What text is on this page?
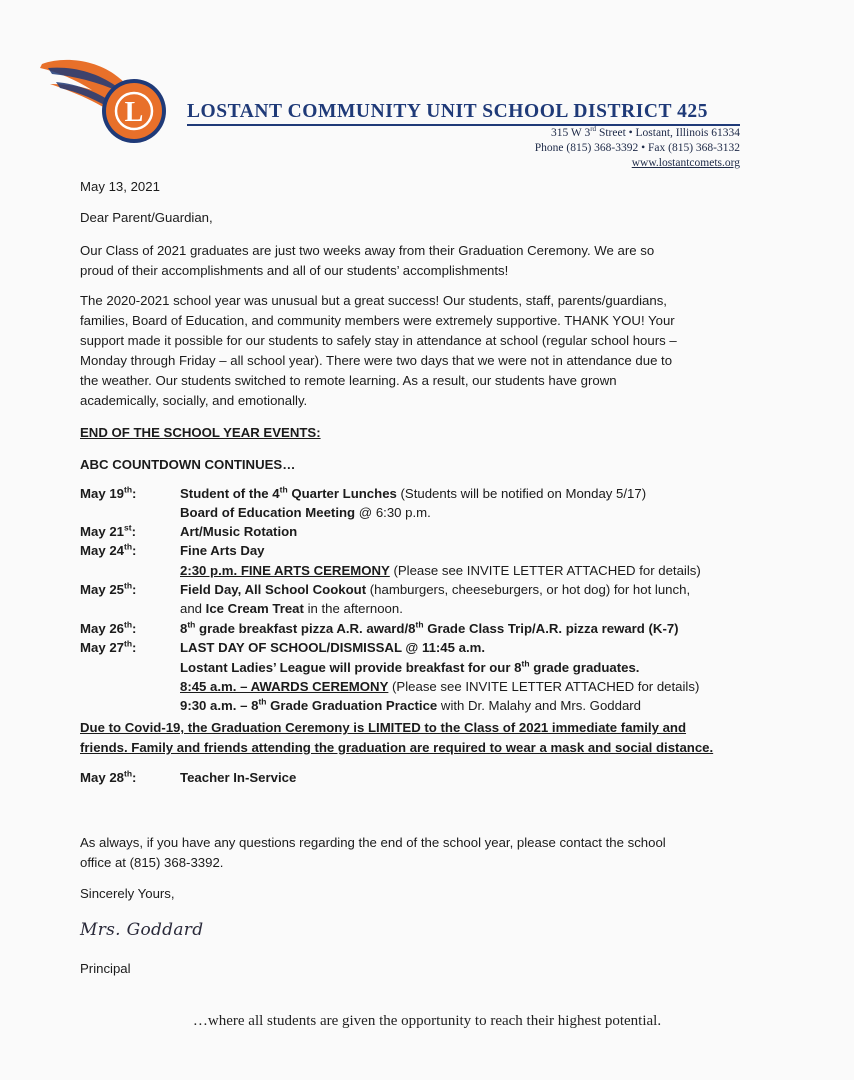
L LOSTANT COMMUNITY UNIT SCHOOL DISTRICT 425
315 W 3rd Street • Lostant, Illinois 61334
Phone (815) 368-3392 • Fax (815) 368-3132
www.lostantcomets.org

May 13, 2021

Dear Parent/Guardian,

Our Class of 2021 graduates are just two weeks away from their Graduation Ceremony. We are so

proud of their accomplishments and all of our students’ accomplishments!

The 2020-2021 school year was unusual but a great success! Our students, staff, parents/guardians,

families, Board of Education, and community members were extremely supportive. THANK YOU! Your

support made it possible for our students to safely stay in attendance at school (regular school hours –

Monday through Friday – all school year). There were two days that we were not in attendance due to

the weather. Our students switched to remote learning. As a result, our students have grown

academically, socially, and emotionally.

END OF THE SCHOOL YEAR EVENTS:

ABC COUNTDOWN CONTINUES…

May 19th:	Student of the 4th Quarter Lunches (Students will be notified on Monday 5/17)
Board of Education Meeting @ 6:30 p.m.
May 21st:	Art/Music Rotation
May 24th:	Fine Arts Day
2:30 p.m. FINE ARTS CEREMONY (Please see INVITE LETTER ATTACHED for details)
May 25th:	Field Day, All School Cookout (hamburgers, cheeseburgers, or hot dog) for hot lunch,
and Ice Cream Treat in the afternoon.
May 26th:	8th grade breakfast pizza A.R. award/8th Grade Class Trip/A.R. pizza reward (K-7)
May 27th:	LAST DAY OF SCHOOL/DISMISSAL @ 11:45 a.m.
Lostant Ladies’ League will provide breakfast for our 8th grade graduates.
8:45 a.m. – AWARDS CEREMONY (Please see INVITE LETTER ATTACHED for details)
9:30 a.m. – 8th Grade Graduation Practice with Dr. Malahy and Mrs. Goddard
Due to Covid-19, the Graduation Ceremony is LIMITED to the Class of 2021 immediate family and
friends. Family and friends attending the graduation are required to wear a mask and social distance.
May 28th:	Teacher In-Service

As always, if you have any questions regarding the end of the school year, please contact the school

office at (815) 368-3392.

Sincerely Yours,

Mrs. Goddard

Principal

…where all students are given the opportunity to reach their highest potential.
